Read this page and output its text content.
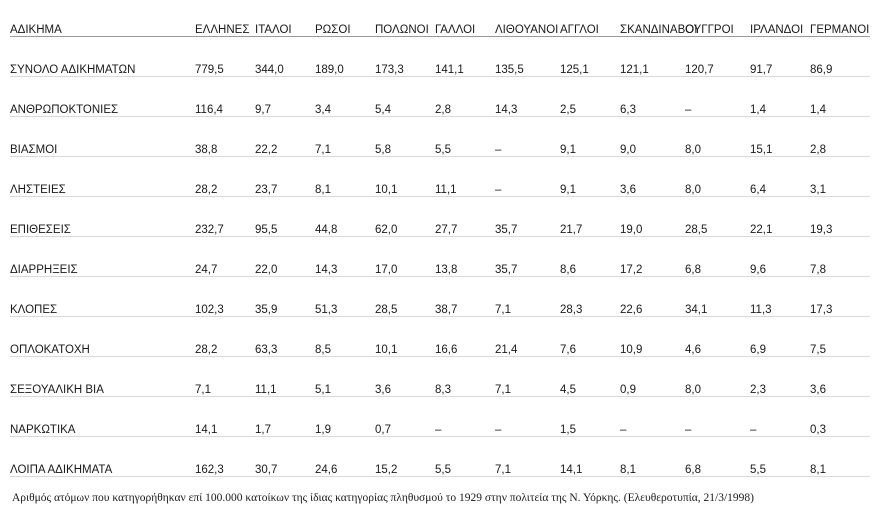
ΑΔΙΚΗΜΑ	ΕΛΛΗΝΕΣ	ΙΤΑΛΟΙ	ΡΩΣΟΙ	ΠΟΛΩΝΟΙ	ΓΑΛΛΟΙ	ΛΙΘΟΥΑΝΟΙ	ΑΓΓΛΟΙ	ΣΚΑΝΔΙΝΑΒΟΙ	ΟΥΓΓΡΟΙ	ΙΡΛΑΝΔΟΙ	ΓΕΡΜΑΝΟΙ
ΣΥΝΟΛΟ ΑΔΙΚΗΜΑΤΩΝ	779,5	344,0	189,0	173,3	141,1	135,5	125,1	121,1	120,7	91,7	86,9
ΑΝΘΡΩΠΟΚΤΟΝΙΕΣ	116,4	9,7	3,4	5,4	2,8	14,3	2,5	6,3	–	1,4	1,4
ΒΙΑΣΜΟΙ	38,8	22,2	7,1	5,8	5,5	–	9,1	9,0	8,0	15,1	2,8
ΛΗΣΤΕΙΕΣ	28,2	23,7	8,1	10,1	11,1	–	9,1	3,6	8,0	6,4	3,1
ΕΠΙΘΕΣΕΙΣ	232,7	95,5	44,8	62,0	27,7	35,7	21,7	19,0	28,5	22,1	19,3
ΔΙΑΡΡΗΞΕΙΣ	24,7	22,0	14,3	17,0	13,8	35,7	8,6	17,2	6,8	9,6	7,8
ΚΛΟΠΕΣ	102,3	35,9	51,3	28,5	38,7	7,1	28,3	22,6	34,1	11,3	17,3
ΟΠΛΟΚΑΤΟΧΗ	28,2	63,3	8,5	10,1	16,6	21,4	7,6	10,9	4,6	6,9	7,5
ΣΕΞΟΥΑΛΙΚΗ ΒΙΑ	7,1	11,1	5,1	3,6	8,3	7,1	4,5	0,9	8,0	2,3	3,6
ΝΑΡΚΩΤΙΚΑ	14,1	1,7	1,9	0,7	–	–	1,5	–	–	–	0,3
ΛΟΙΠΑ ΑΔΙΚΗΜΑΤΑ	162,3	30,7	24,6	15,2	5,5	7,1	14,1	8,1	6,8	5,5	8,1
Αριθμός ατόμων που κατηγορήθηκαν επί 100.000 κατοίκων της ίδιας κατηγορίας πληθυσμού το 1929 στην πολιτεία της Ν. Υόρκης. (Ελευθεροτυπία, 21/3/1998)
